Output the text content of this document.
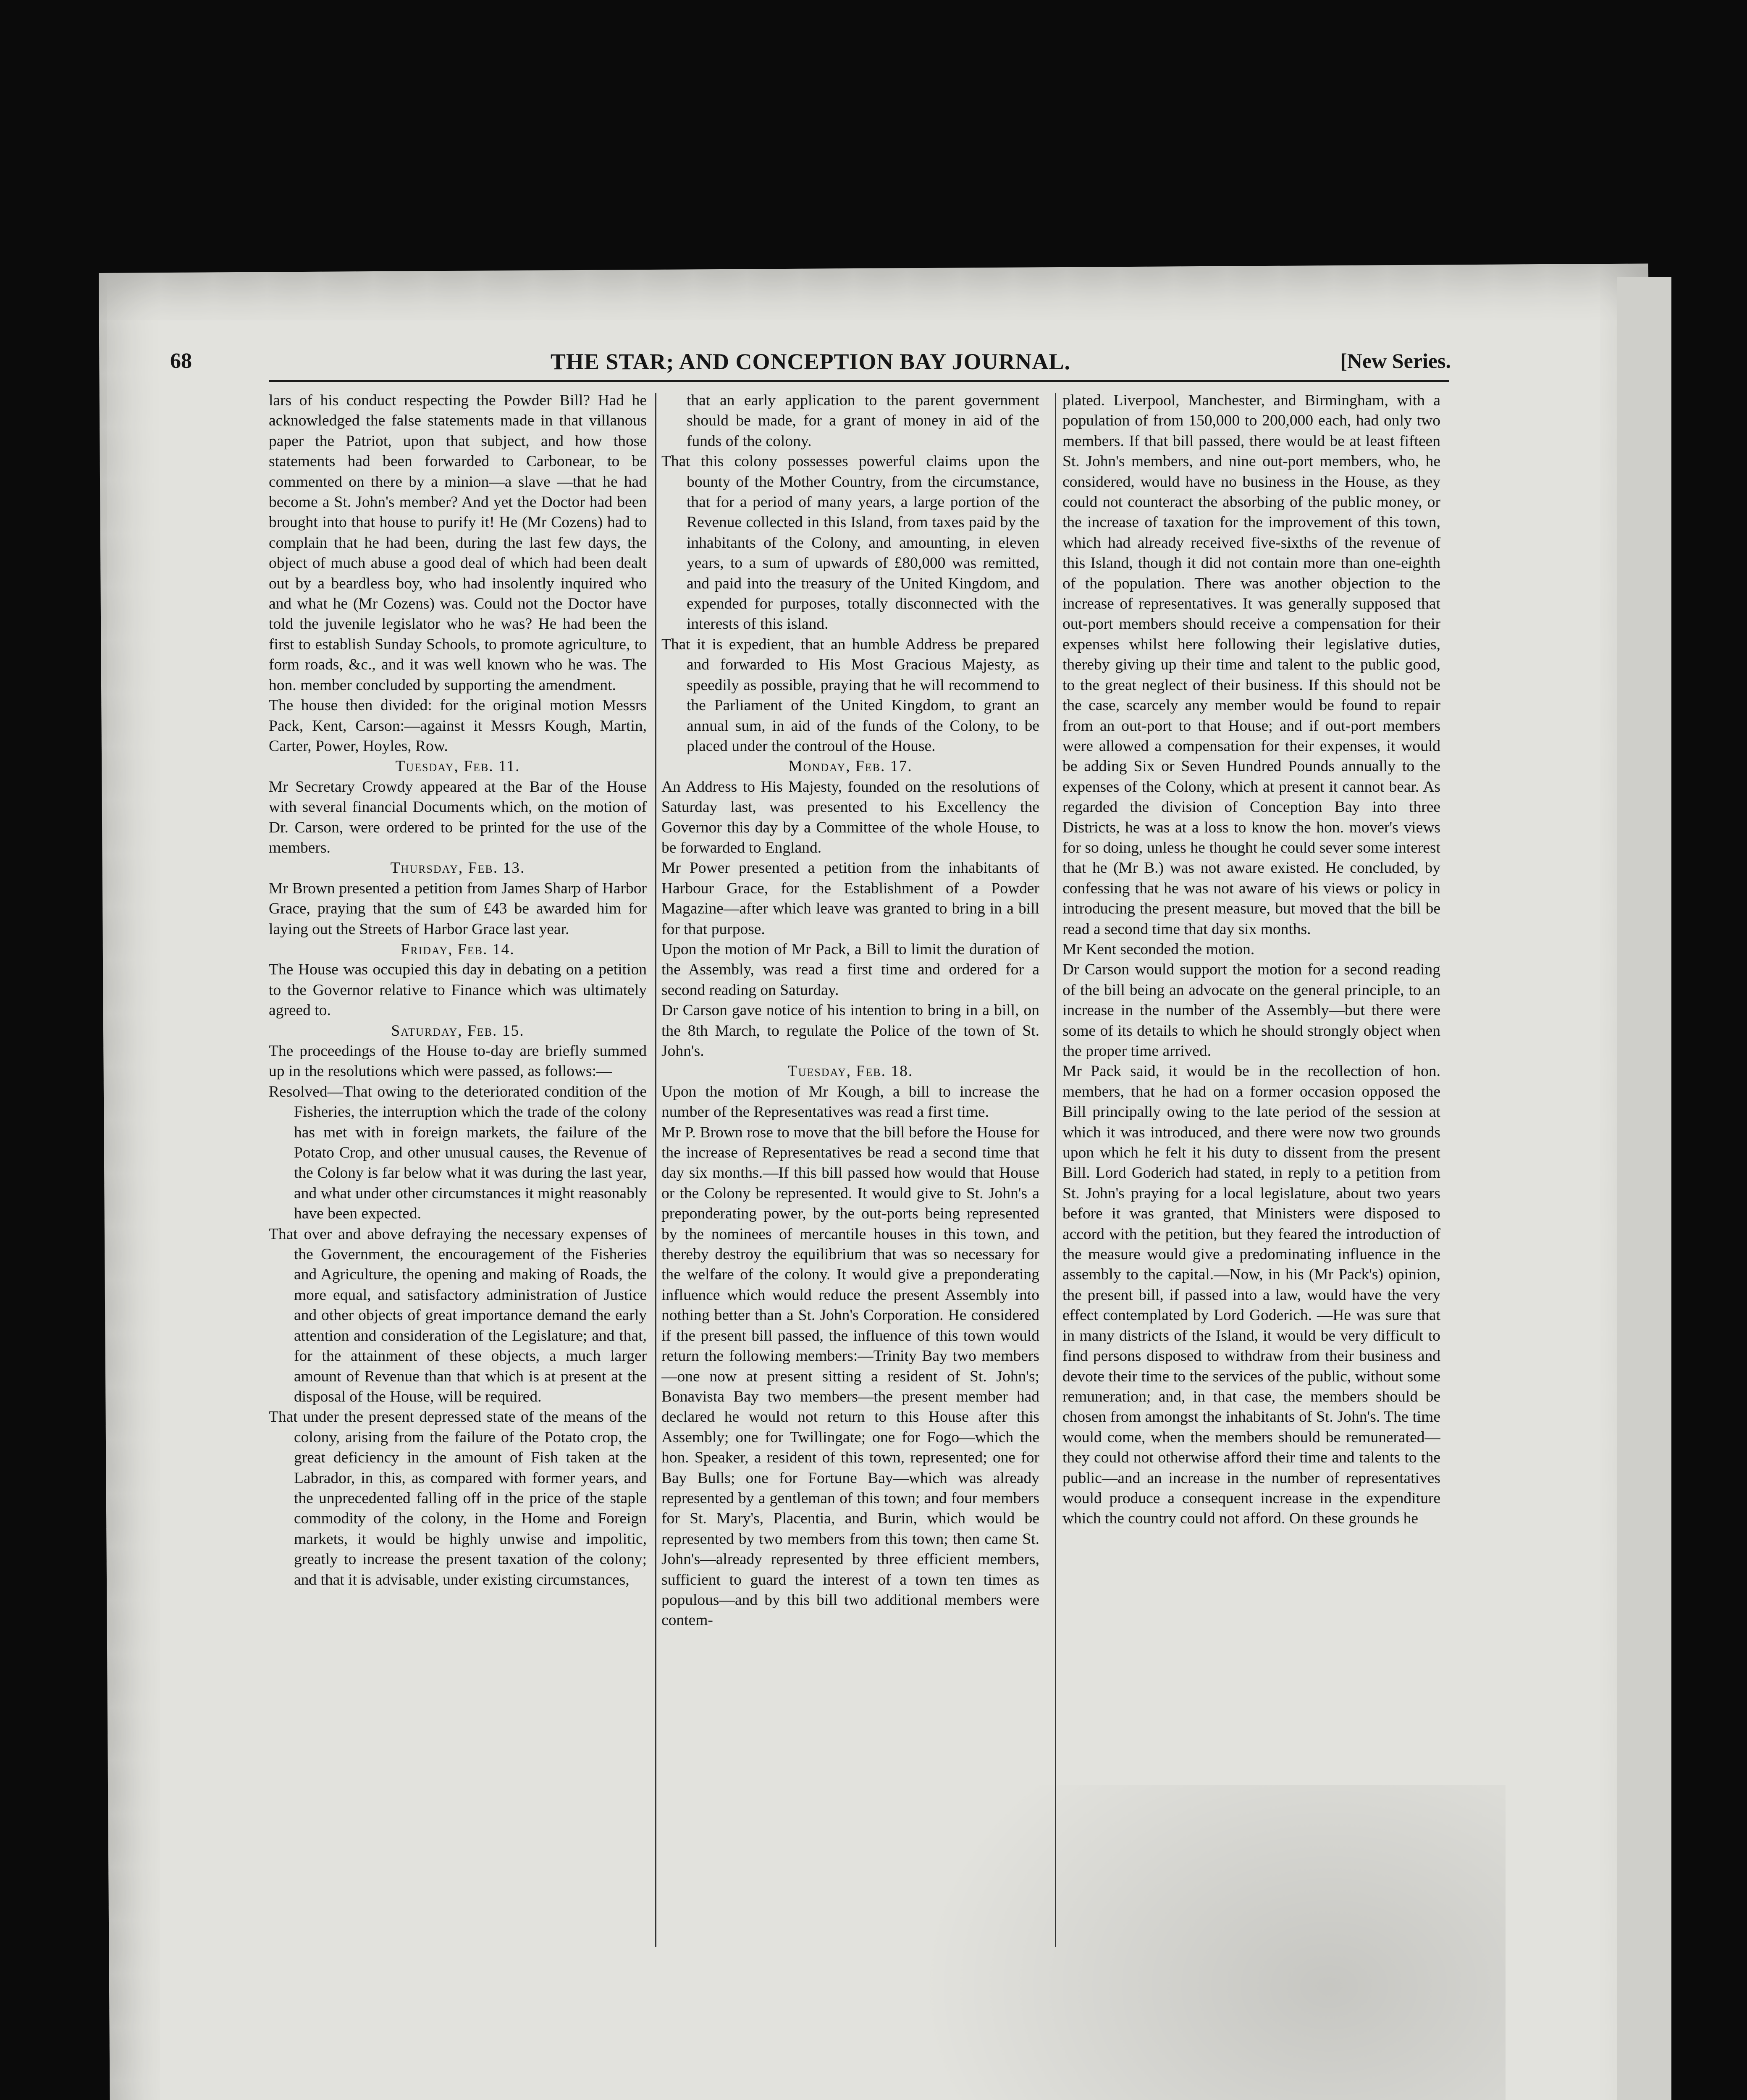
68	THE STAR; AND CONCEPTION BAY JOURNAL.	[New Series.

lars of his conduct respecting the Powder Bill? Had he acknowledged the false statements made in that villanous paper the Patriot, upon that subject, and how those statements had been forwarded to Carbonear, to be commented on there by a minion—a slave —that he had become a St. John's member? And yet the Doctor had been brought into that house to purify it! He (Mr Cozens) had to complain that he had been, during the last few days, the object of much abuse a good deal of which had been dealt out by a beardless boy, who had insolently inquired who and what he (Mr Cozens) was. Could not the Doctor have told the juvenile legislator who he was? He had been the first to establish Sunday Schools, to promote agriculture, to form roads, &c., and it was well known who he was. The hon. member concluded by supporting the amendment.

The house then divided: for the original motion Messrs Pack, Kent, Carson:—against it Messrs Kough, Martin, Carter, Power, Hoyles, Row.

Tuesday, Feb. 11.

Mr Secretary Crowdy appeared at the Bar of the House with several financial Documents which, on the motion of Dr. Carson, were ordered to be printed for the use of the members.

Thursday, Feb. 13.

Mr Brown presented a petition from James Sharp of Harbor Grace, praying that the sum of £43 be awarded him for laying out the Streets of Harbor Grace last year.

Friday, Feb. 14.

The House was occupied this day in debating on a petition to the Governor relative to Finance which was ultimately agreed to.

Saturday, Feb. 15.

The proceedings of the House to-day are briefly summed up in the resolutions which were passed, as follows:—

Resolved—That owing to the deteriorated condition of the Fisheries, the interruption which the trade of the colony has met with in foreign markets, the failure of the Potato Crop, and other unusual causes, the Revenue of the Colony is far below what it was during the last year, and what under other circumstances it might reasonably have been expected.

That over and above defraying the necessary expenses of the Government, the encouragement of the Fisheries and Agriculture, the opening and making of Roads, the more equal, and satisfactory administration of Justice and other objects of great importance demand the early attention and consideration of the Legislature; and that, for the attainment of these objects, a much larger amount of Revenue than that which is at present at the disposal of the House, will be required.

That under the present depressed state of the means of the colony, arising from the failure of the Potato crop, the great deficiency in the amount of Fish taken at the Labrador, in this, as compared with former years, and the unprecedented falling off in the price of the staple commodity of the colony, in the Home and Foreign markets, it would be highly unwise and impolitic, greatly to increase the present taxation of the colony; and that it is advisable, under existing circumstances,

that an early application to the parent government should be made, for a grant of money in aid of the funds of the colony.

That this colony possesses powerful claims upon the bounty of the Mother Country, from the circumstance, that for a period of many years, a large portion of the Revenue collected in this Island, from taxes paid by the inhabitants of the Colony, and amounting, in eleven years, to a sum of upwards of £80,000 was remitted, and paid into the treasury of the United Kingdom, and expended for purposes, totally disconnected with the interests of this island.

That it is expedient, that an humble Address be prepared and forwarded to His Most Gracious Majesty, as speedily as possible, praying that he will recommend to the Parliament of the United Kingdom, to grant an annual sum, in aid of the funds of the Colony, to be placed under the controul of the House.

Monday, Feb. 17.

An Address to His Majesty, founded on the resolutions of Saturday last, was presented to his Excellency the Governor this day by a Committee of the whole House, to be forwarded to England.

Mr Power presented a petition from the inhabitants of Harbour Grace, for the Establishment of a Powder Magazine—after which leave was granted to bring in a bill for that purpose.

Upon the motion of Mr Pack, a Bill to limit the duration of the Assembly, was read a first time and ordered for a second reading on Saturday.

Dr Carson gave notice of his intention to bring in a bill, on the 8th March, to regulate the Police of the town of St. John's.

Tuesday, Feb. 18.

Upon the motion of Mr Kough, a bill to increase the number of the Representatives was read a first time.

Mr P. Brown rose to move that the bill before the House for the increase of Representatives be read a second time that day six months.—If this bill passed how would that House or the Colony be represented. It would give to St. John's a preponderating power, by the out-ports being represented by the nominees of mercantile houses in this town, and thereby destroy the equilibrium that was so necessary for the welfare of the colony. It would give a preponderating influence which would reduce the present Assembly into nothing better than a St. John's Corporation. He considered if the present bill passed, the influence of this town would return the following members:—Trinity Bay two members—one now at present sitting a resident of St. John's; Bonavista Bay two members—the present member had declared he would not return to this House after this Assembly; one for Twillingate; one for Fogo—which the hon. Speaker, a resident of this town, represented; one for Bay Bulls; one for Fortune Bay—which was already represented by a gentleman of this town; and four members for St. Mary's, Placentia, and Burin, which would be represented by two members from this town; then came St. John's—already represented by three efficient members, sufficient to guard the interest of a town ten times as populous—and by this bill two additional members were contem-

plated. Liverpool, Manchester, and Birmingham, with a population of from 150,000 to 200,000 each, had only two members. If that bill passed, there would be at least fifteen St. John's members, and nine out-port members, who, he considered, would have no business in the House, as they could not counteract the absorbing of the public money, or the increase of taxation for the improvement of this town, which had already received five-sixths of the revenue of this Island, though it did not contain more than one-eighth of the population. There was another objection to the increase of representatives. It was generally supposed that out-port members should receive a compensation for their expenses whilst here following their legislative duties, thereby giving up their time and talent to the public good, to the great neglect of their business. If this should not be the case, scarcely any member would be found to repair from an out-port to that House; and if out-port members were allowed a compensation for their expenses, it would be adding Six or Seven Hundred Pounds annually to the expenses of the Colony, which at present it cannot bear. As regarded the division of Conception Bay into three Districts, he was at a loss to know the hon. mover's views for so doing, unless he thought he could sever some interest that he (Mr B.) was not aware existed. He concluded, by confessing that he was not aware of his views or policy in introducing the present measure, but moved that the bill be read a second time that day six months.

Mr Kent seconded the motion.

Dr Carson would support the motion for a second reading of the bill being an advocate on the general principle, to an increase in the number of the Assembly—but there were some of its details to which he should strongly object when the proper time arrived.

Mr Pack said, it would be in the recollection of hon. members, that he had on a former occasion opposed the Bill principally owing to the late period of the session at which it was introduced, and there were now two grounds upon which he felt it his duty to dissent from the present Bill. Lord Goderich had stated, in reply to a petition from St. John's praying for a local legislature, about two years before it was granted, that Ministers were disposed to accord with the petition, but they feared the introduction of the measure would give a predominating influence in the assembly to the capital.—Now, in his (Mr Pack's) opinion, the present bill, if passed into a law, would have the very effect contemplated by Lord Goderich. —He was sure that in many districts of the Island, it would be very difficult to find persons disposed to withdraw from their business and devote their time to the services of the public, without some remuneration; and, in that case, the members should be chosen from amongst the inhabitants of St. John's. The time would come, when the members should be remunerated—they could not otherwise afford their time and talents to the public—and an increase in the number of representatives would produce a consequent increase in the expenditure which the country could not afford. On these grounds he
